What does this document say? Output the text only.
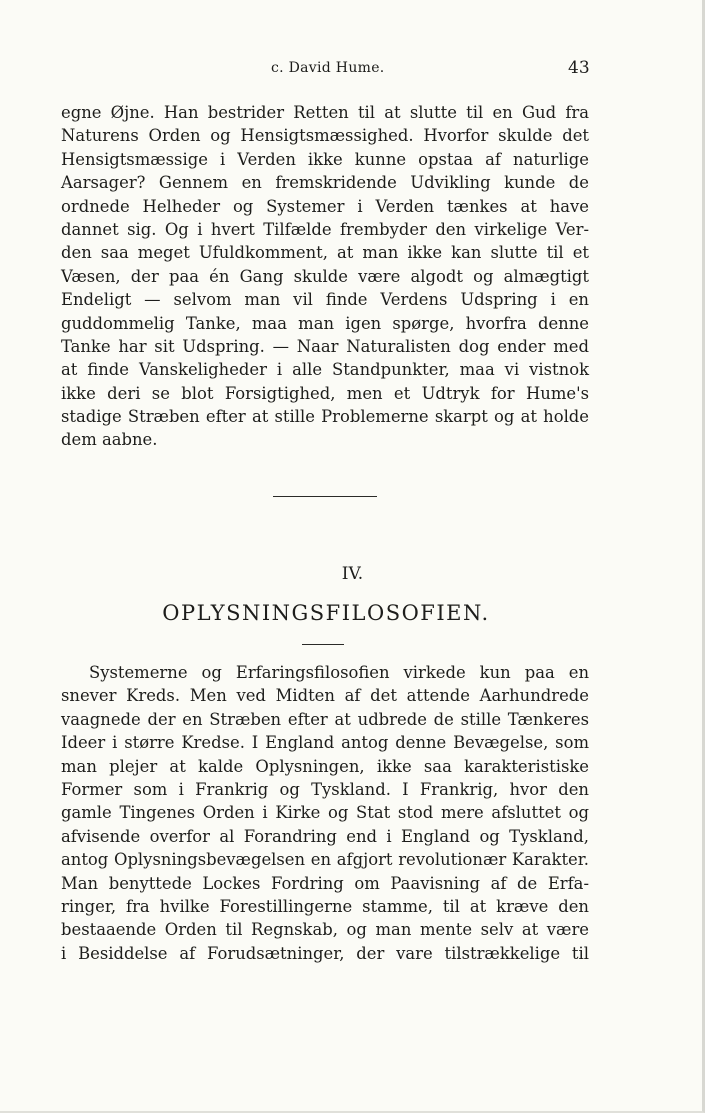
c. David Hume.	43
egne Øjne. Han bestrider Retten til at slutte til en Gud fra
Naturens Orden og Hensigtsmæssighed. Hvorfor skulde det
Hensigtsmæssige i Verden ikke kunne opstaa af naturlige
Aarsager? Gennem en fremskridende Udvikling kunde de
ordnede Helheder og Systemer i Verden tænkes at have
dannet sig. Og i hvert Tilfælde frembyder den virkelige Ver-
den saa meget Ufuldkomment, at man ikke kan slutte til et
Væsen, der paa én Gang skulde være algodt og almægtigt
Endeligt — selvom man vil finde Verdens Udspring i en
guddommelig Tanke, maa man igen spørge, hvorfra denne
Tanke har sit Udspring. — Naar Naturalisten dog ender med
at finde Vanskeligheder i alle Standpunkter, maa vi vistnok
ikke deri se blot Forsigtighed, men et Udtryk for Hume's
stadige Stræben efter at stille Problemerne skarpt og at holde
dem aabne.
IV.
OPLYSNINGSFILOSOFIEN.
Systemerne og Erfaringsfilosofien virkede kun paa en
snever Kreds. Men ved Midten af det attende Aarhundrede
vaagnede der en Stræben efter at udbrede de stille Tænkeres
Ideer i større Kredse. I England antog denne Bevægelse, som
man plejer at kalde Oplysningen, ikke saa karakteristiske
Former som i Frankrig og Tyskland. I Frankrig, hvor den
gamle Tingenes Orden i Kirke og Stat stod mere afsluttet og
afvisende overfor al Forandring end i England og Tyskland,
antog Oplysningsbevægelsen en afgjort revolutionær Karakter.
Man benyttede Lockes Fordring om Paavisning af de Erfa-
ringer, fra hvilke Forestillingerne stamme, til at kræve den
bestaaende Orden til Regnskab, og man mente selv at være
i Besiddelse af Forudsætninger, der vare tilstrækkelige til
